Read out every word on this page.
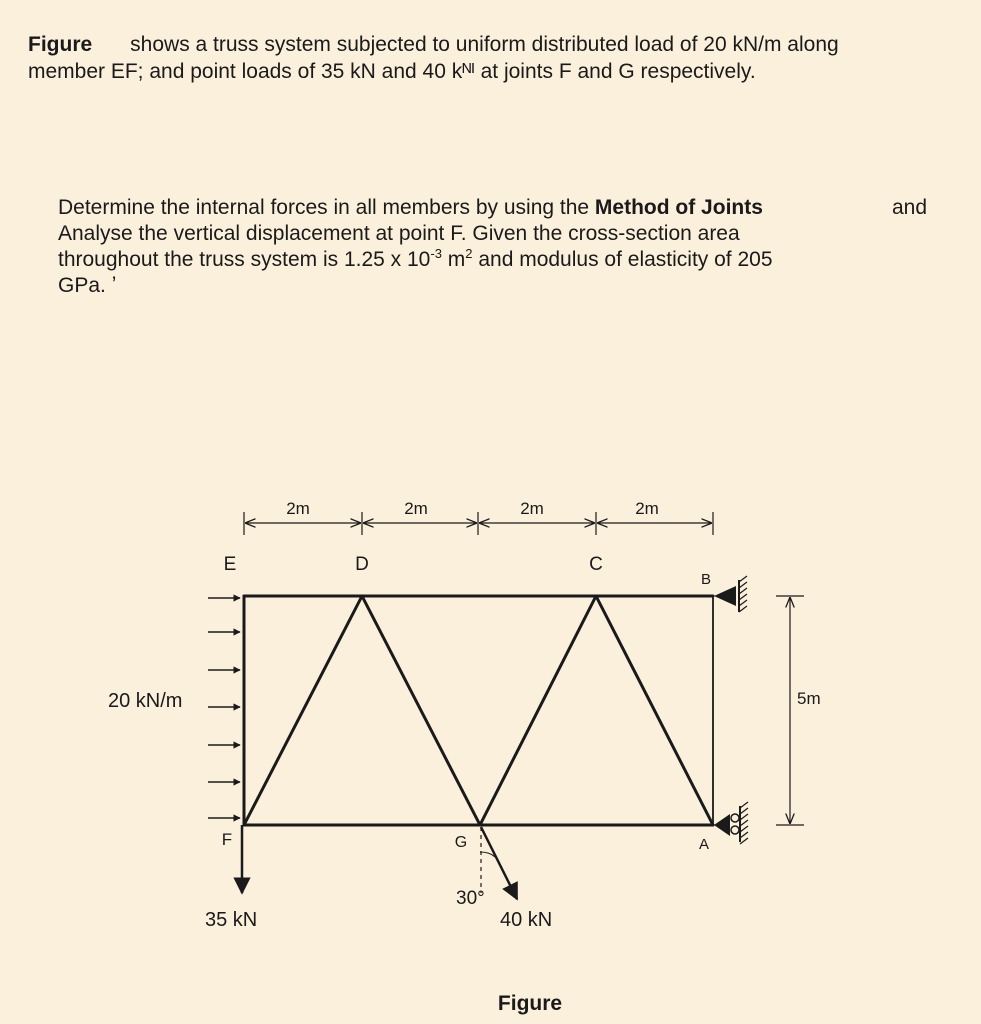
Figure shows a truss system subjected to uniform distributed load of 20 kN/m along
member EF; and point loads of 35 kN and 40 kᴺᴵ at joints F and G respectively.
Determine the internal forces in all members by using the Method of Joints	and
Analyse the vertical displacement at point F. Given the cross-section area
throughout the truss system is 1.25 x $10^{-3}$ $m^2$ and modulus of elasticity of 205
GPa. ʼ
2m	2m	2m	2m
E	D	C
B
F	G	A
20 kN/m
35 kN
30°
40 kN
5m
Figure
